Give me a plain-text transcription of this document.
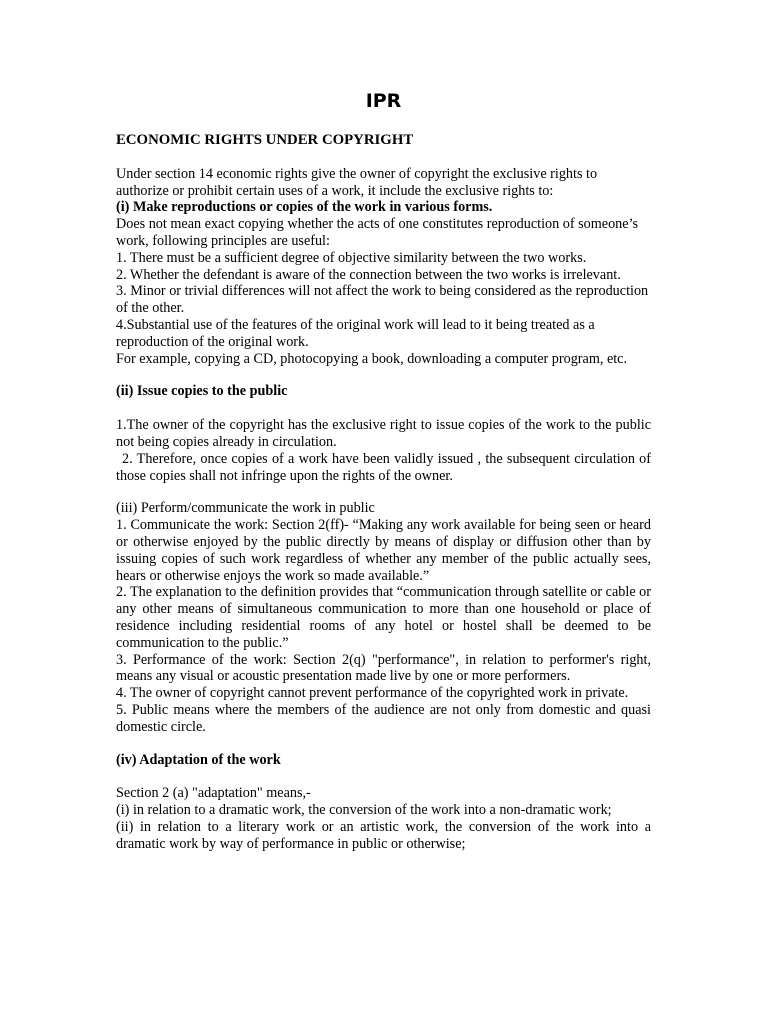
IPR
ECONOMIC RIGHTS UNDER COPYRIGHT
Under section 14 economic rights give the owner of copyright the exclusive rights to authorize or prohibit certain uses of a work, it include the exclusive rights to:
(i) Make reproductions or copies of the work in various forms.
Does not mean exact copying whether the acts of one constitutes reproduction of someone’s work, following principles are useful:
1. There must be a sufficient degree of objective similarity between the two works.
2. Whether the defendant is aware of the connection between the two works is irrelevant.
3. Minor or trivial differences will not affect the work to being considered as the reproduction of the other.
4.Substantial use of the features of the original work will lead to it being treated as a reproduction of the original work.
For example, copying a CD, photocopying a book, downloading a computer program, etc.
(ii) Issue copies to the public
1.The owner of the copyright has the exclusive right to issue copies of the work to the public not being copies already in circulation.
2. Therefore, once copies of a work have been validly issued , the subsequent circulation of those copies shall not infringe upon the rights of the owner.
(iii) Perform/communicate the work in public
1. Communicate the work: Section 2(ff)- “Making any work available for being seen or heard or otherwise enjoyed by the public directly by means of display or diffusion other than by issuing copies of such work regardless of whether any member of the public actually sees, hears or otherwise enjoys the work so made available.”
2. The explanation to the definition provides that “communication through satellite or cable or any other means of simultaneous communication to more than one household or place of residence including residential rooms of any hotel or hostel shall be deemed to be communication to the public.”
3. Performance of the work: Section 2(q) "performance", in relation to performer's right, means any visual or acoustic presentation made live by one or more performers.
4. The owner of copyright cannot prevent performance of the copyrighted work in private.
5. Public means where the members of the audience are not only from domestic and quasi domestic circle.
(iv) Adaptation of the work
Section 2 (a) "adaptation" means,-
(i) in relation to a dramatic work, the conversion of the work into a non-dramatic work;
(ii) in relation to a literary work or an artistic work, the conversion of the work into a dramatic work by way of performance in public or otherwise;
